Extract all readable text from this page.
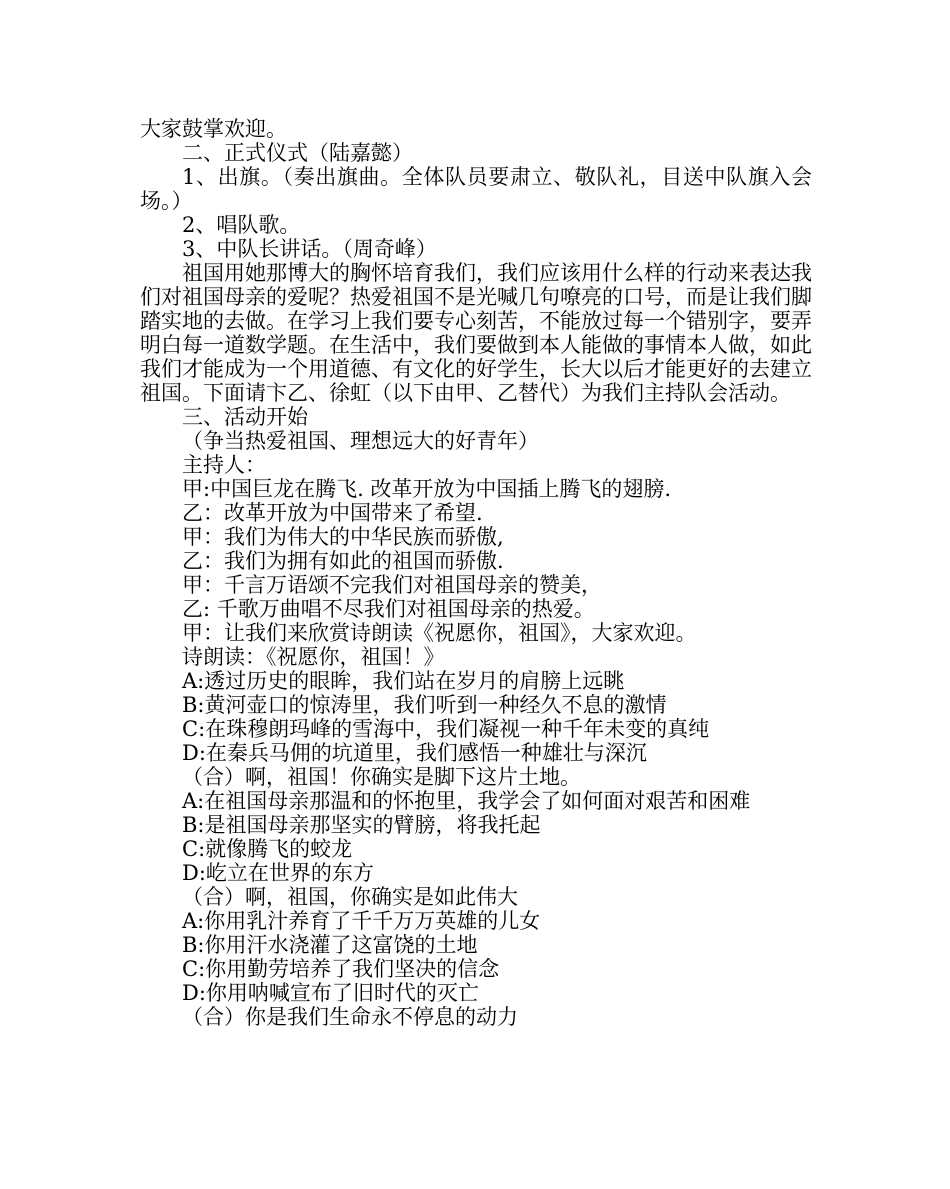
大家鼓掌欢迎。

二、正式仪式（陆嘉懿）

1、出旗。（奏出旗曲。全体队员要肃立、敬队礼，目送中队旗入会场。）

2、唱队歌。

3、中队长讲话。（周奇峰）

祖国用她那博大的胸怀培育我们，我们应该用什么样的行动来表达我们对祖国母亲的爱呢？热爱祖国不是光喊几句嘹亮的口号，而是让我们脚踏实地的去做。在学习上我们要专心刻苦，不能放过每一个错别字，要弄明白每一道数学题。在生活中，我们要做到本人能做的事情本人做，如此我们才能成为一个用道德、有文化的好学生，长大以后才能更好的去建立祖国。下面请卞乙、徐虹（以下由甲、乙替代）为我们主持队会活动。

三、活动开始

（争当热爱祖国、理想远大的好青年）

主持人：

甲:中国巨龙在腾飞. 改革开放为中国插上腾飞的翅膀.

乙：改革开放为中国带来了希望.

甲：我们为伟大的中华民族而骄傲,

乙：我们为拥有如此的祖国而骄傲.

甲：千言万语颂不完我们对祖国母亲的赞美，

乙: 千歌万曲唱不尽我们对祖国母亲的热爱。

甲：让我们来欣赏诗朗读《祝愿你，祖国》，大家欢迎。

诗朗读：《祝愿你，祖国！》

A:透过历史的眼眸，我们站在岁月的肩膀上远眺

B:黄河壶口的惊涛里，我们听到一种经久不息的激情

C:在珠穆朗玛峰的雪海中，我们凝视一种千年未变的真纯

D:在秦兵马佣的坑道里，我们感悟一种雄壮与深沉

（合）啊，祖国！你确实是脚下这片土地。

A:在祖国母亲那温和的怀抱里，我学会了如何面对艰苦和困难

B:是祖国母亲那坚实的臂膀，将我托起

C:就像腾飞的蛟龙

D:屹立在世界的东方

（合）啊，祖国，你确实是如此伟大

A:你用乳汁养育了千千万万英雄的儿女

B:你用汗水浇灌了这富饶的土地

C:你用勤劳培养了我们坚决的信念

D:你用呐喊宣布了旧时代的灭亡

（合）你是我们生命永不停息的动力
